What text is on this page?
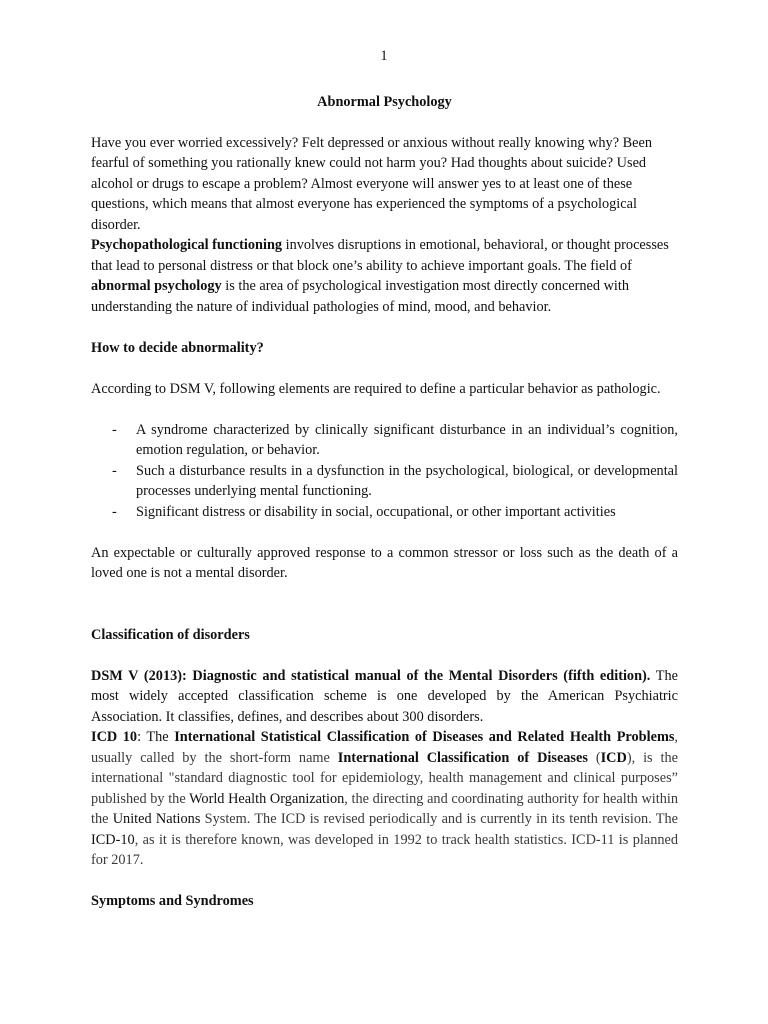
1

Abnormal Psychology

Have you ever worried excessively? Felt depressed or anxious without really knowing why? Been fearful of something you rationally knew could not harm you? Had thoughts about suicide? Used alcohol or drugs to escape a problem? Almost everyone will answer yes to at least one of these questions, which means that almost everyone has experienced the symptoms of a psychological disorder.

Psychopathological functioning involves disruptions in emotional, behavioral, or thought processes that lead to personal distress or that block one’s ability to achieve important goals. The field of abnormal psychology is the area of psychological investigation most directly concerned with understanding the nature of individual pathologies of mind, mood, and behavior.

How to decide abnormality?

According to DSM V, following elements are required to define a particular behavior as pathologic.

- A syndrome characterized by clinically significant disturbance in an individual’s cognition, emotion regulation, or behavior.
- Such a disturbance results in a dysfunction in the psychological, biological, or developmental processes underlying mental functioning.
- Significant distress or disability in social, occupational, or other important activities

An expectable or culturally approved response to a common stressor or loss such as the death of a loved one is not a mental disorder.

Classification of disorders

DSM V (2013): Diagnostic and statistical manual of the Mental Disorders (fifth edition). The most widely accepted classification scheme is one developed by the American Psychiatric Association. It classifies, defines, and describes about 300 disorders.

ICD 10: The International Statistical Classification of Diseases and Related Health Problems, usually called by the short-form name International Classification of Diseases (ICD), is the international "standard diagnostic tool for epidemiology, health management and clinical purposes” published by the World Health Organization, the directing and coordinating authority for health within the United Nations System. The ICD is revised periodically and is currently in its tenth revision. The ICD-10, as it is therefore known, was developed in 1992 to track health statistics. ICD-11 is planned for 2017.

Symptoms and Syndromes
